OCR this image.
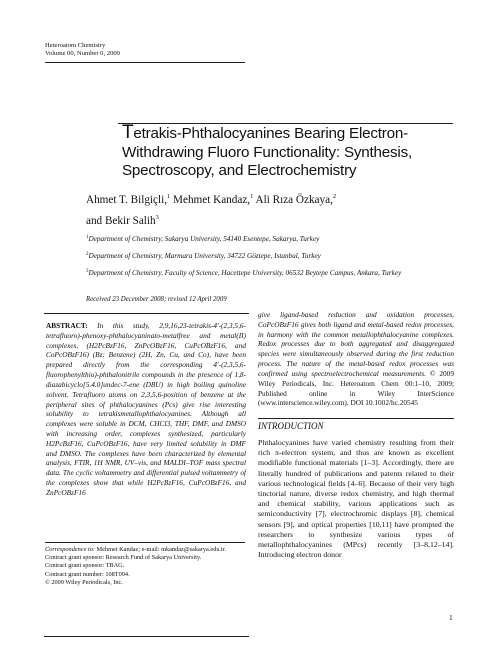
Heteroatom Chemistry
Volume 00, Number 0, 2009
Tetrakis-Phthalocyanines Bearing Electron-Withdrawing Fluoro Functionality: Synthesis, Spectroscopy, and Electrochemistry
Ahmet T. Bilgiçli,$^1$ Mehmet Kandaz,$^1$ Ali Rıza Özkaya,$^2$
and Bekir Salih$^3$
$^1$Department of Chemistry, Sakarya University, 54140 Esentepe, Sakarya, Turkey
$^2$Department of Chemistry, Marmara University, 34722 Göztepe, Istanbul, Turkey
$^3$Department of Chemistry, Faculty of Science, Hacettepe University, 06532 Beytepe Campus, Ankara, Turkey
Received 23 December 2008; revised 12 April 2009
ABSTRACT: In this study, 2,9,16,23-tetrakis-4′-(2,3,5,6-tetrafluoro)-phenoxy-phthalocyaninato-metalfree and metal(II) complexes, (H2PcBzF16, ZnPcOBzF16, CuPcOBzF16, and CoPcOBzF16) (Bz: Benzene) (2H, Zn, Cu, and Co), have been prepared directly from the corresponding 4′-(2,3,5,6-fluorophenylthio)-phthalonitrile compounds in the presence of 1,8-diazabicyclo[5.4.0]undec-7-ene (DBU) in high boiling quinoline solvent. Tetrafluoro atoms on 2,3,5,6-position of benzene at the peripheral sites of phthalocyanines (Pcs) give rise interesting solubility to tetrakismetallophthalocyanines. Although all complexes were soluble in DCM, CHCl3, THF, DMF, and DMSO with increasing order, complexes synthesized, particularly H2PcBzF16, CuPcOBzF16, have very limited solubility in DMF and DMSO. The complexes have been characterized by elemental analysis, FTIR, 1H NMR, UV–vis, and MALDI–TOF mass spectral data. The cyclic voltammetry and differential pulsed voltammetry of the complexes show that while H2PcBzF16, CuPcOBzF16, and ZnPcOBzF16
give ligand-based reduction and oxidation processes, CoPcOBzF16 gives both ligand and metal-based redox processes, in harmony with the common metallophthalocyanine complexes. Redox processes due to both aggregated and disaggregated species were simultaneously observed during the first reduction process. The nature of the metal-based redox processes was confirmed using spectroelectrochemical measurements. © 2009 Wiley Periodicals, Inc. Heteroatom Chem 00:1–10, 2009; Published online in Wiley InterScience (www.interscience.wiley.com). DOI 10.1002/hc.20545
INTRODUCTION
Phthalocyanines have varied chemistry resulting from their rich π-electron system, and thus are known as excellent modifiable functional materials [1–3]. Accordingly, there are literally hundred of publications and patents related to their various technological fields [4–6]. Because of their very high tinctorial nature, diverse redox chemistry, and high thermal and chemical stability, various applications such as semiconductivity [7], electrochromic displays [8], chemical sensors [9], and optical properties [10,11] have prompted the researchers to synthesize various types of metallophthalocyanines (MPcs) recently [3–8,12–14]. Introducing electron donor
Correspondence to: Mehmet Kandaz; e-mail: mkandaz@sakarya.edu.tr.
Contract grant sponsor: Research Fund of Sakarya University.
Contract grant sponsor: TBAG.
Contract grant number: 108T094.
© 2009 Wiley Periodicals, Inc.
1
